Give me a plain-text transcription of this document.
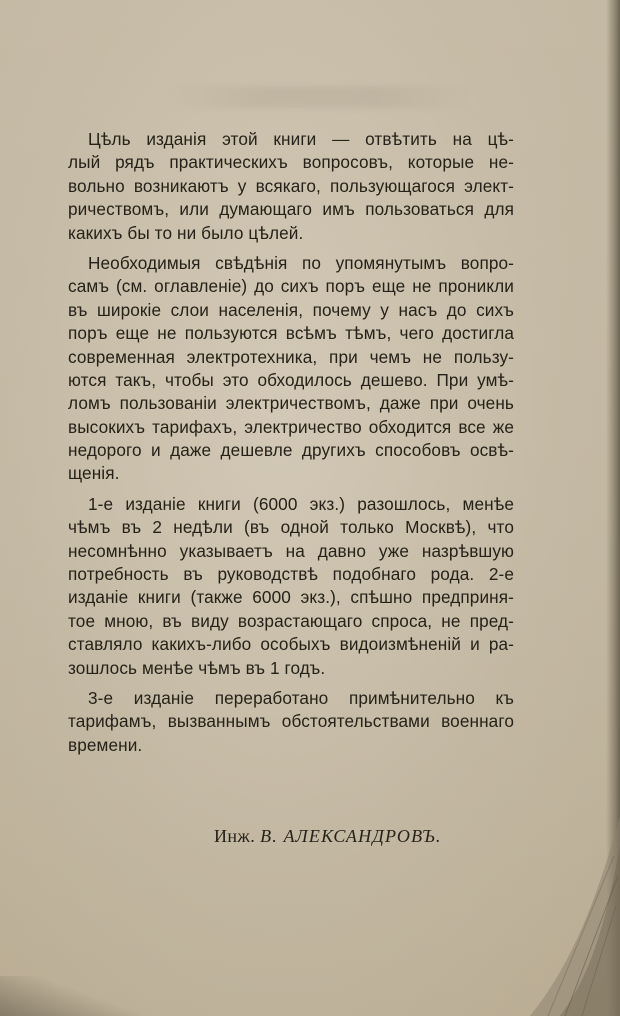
Цѣль изданія этой книги — отвѣтить на цѣ-
лый рядъ практическихъ вопросовъ, которые не-
вольно возникаютъ у всякаго, пользующагося элект-
ричествомъ, или думающаго имъ пользоваться для
какихъ бы то ни было цѣлей.
Необходимыя свѣдѣнія по упомянутымъ вопро-
самъ (см. оглавленіе) до сихъ поръ еще не проникли
въ широкіе слои населенія, почему у насъ до сихъ
поръ еще не пользуются всѣмъ тѣмъ, чего достигла
современная электротехника, при чемъ не пользу-
ются такъ, чтобы это обходилось дешево. При умѣ-
ломъ пользованіи электричествомъ, даже при очень
высокихъ тарифахъ, электричество обходится все же
недорого и даже дешевле другихъ способовъ освѣ-
щенія.
1-е изданіе книги (6000 экз.) разошлось, менѣе
чѣмъ въ 2 недѣли (въ одной только Москвѣ), что
несомнѣнно указываетъ на давно уже назрѣвшую
потребность въ руководствѣ подобнаго рода. 2-е
изданіе книги (также 6000 экз.), спѣшно предприня-
тое мною, въ виду возрастающаго спроса, не пред-
ставляло какихъ-либо особыхъ видоизмѣненій и ра-
зошлось менѣе чѣмъ въ 1 годъ.
3-е изданіе переработано примѣнительно къ
тарифамъ, вызваннымъ обстоятельствами военнаго
времени.
Инж. В. АЛЕКСАНДРОВЪ.
